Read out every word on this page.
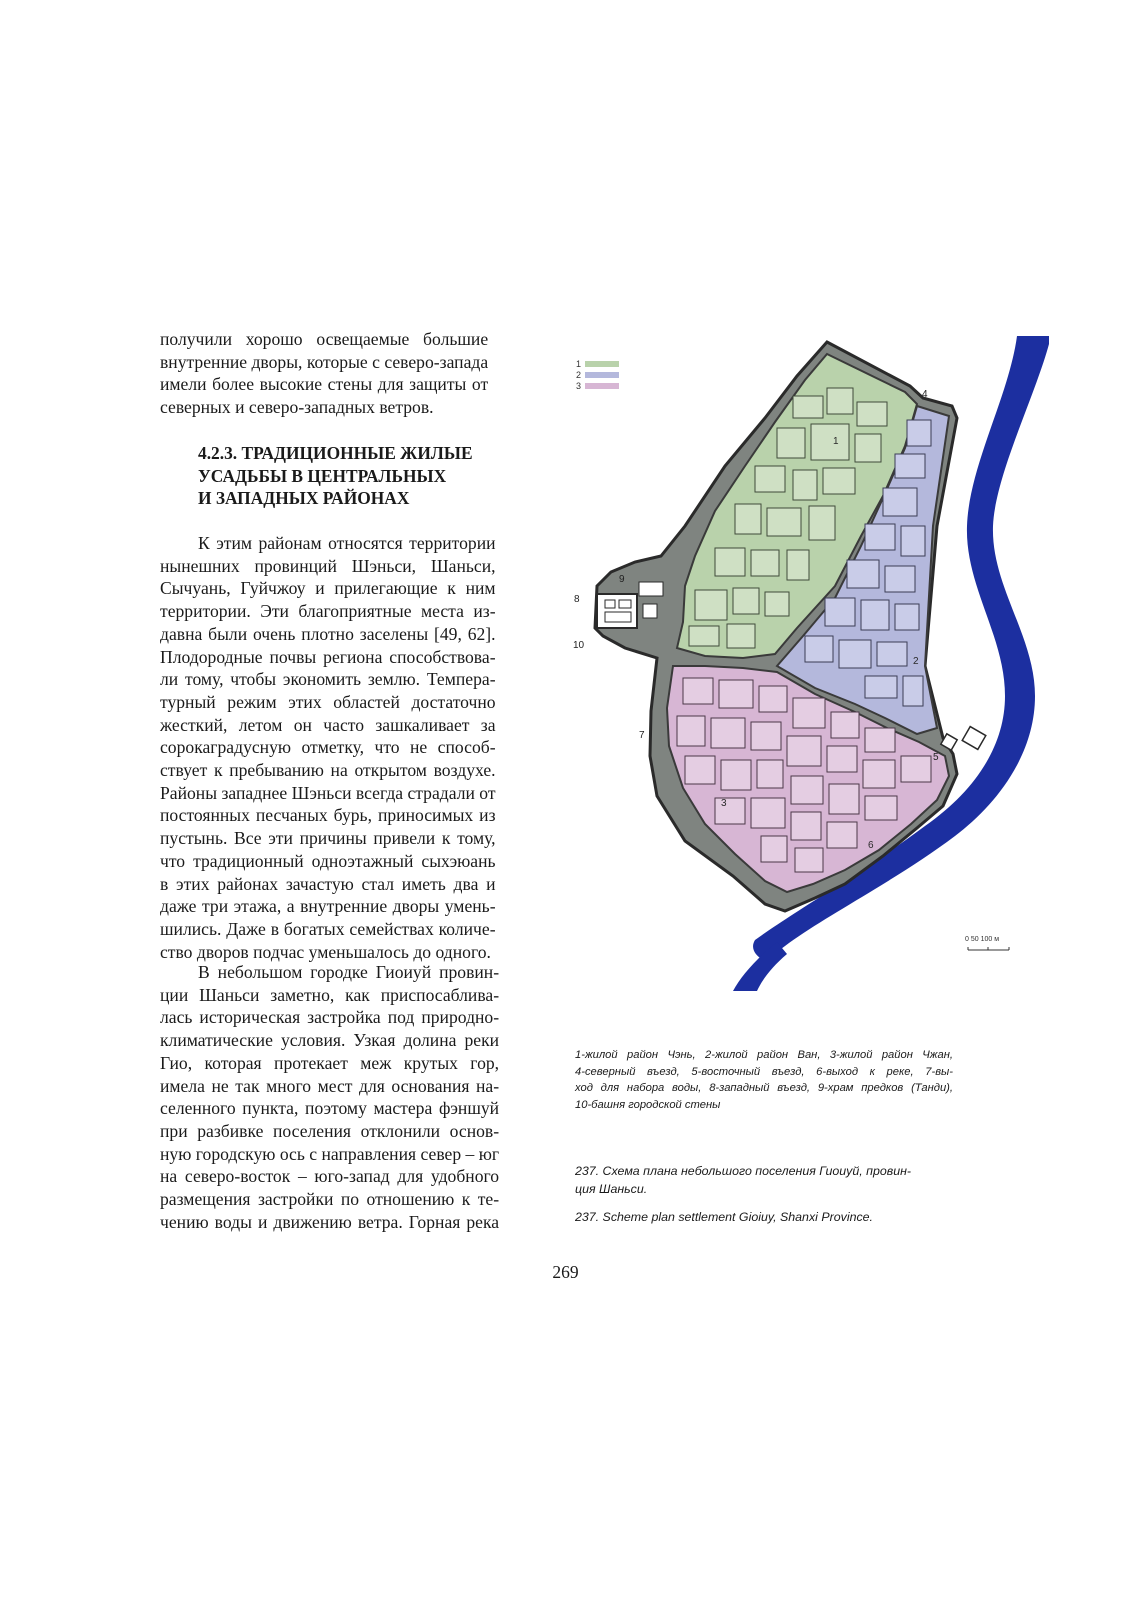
получили хорошо освещаемые большие
внутренние дворы, которые с северо-запада
имели более высокие стены для защиты от
северных и северо-западных ветров.

4.2.3. ТРАДИЦИОННЫЕ ЖИЛЫЕ
УСАДЬБЫ В ЦЕНТРАЛЬНЫХ
И ЗАПАДНЫХ РАЙОНАХ

К этим районам относятся территории
нынешних провинций Шэньси, Шаньси,
Сычуань, Гуйчжоу и прилегающие к ним
территории. Эти благоприятные места из-
давна были очень плотно заселены [49, 62].
Плодородные почвы региона способствова-
ли тому, чтобы экономить землю. Темпера-
турный режим этих областей достаточно
жесткий, летом он часто зашкаливает за
сорокаградусную отметку, что не способ-
ствует к пребыванию на открытом воздухе.
Районы западнее Шэньси всегда страдали от
постоянных песчаных бурь, приносимых из
пустынь. Все эти причины привели к тому,
что традиционный одноэтажный сыхэюань
в этих районах зачастую стал иметь два и
даже три этажа, а внутренние дворы умень-
шились. Даже в богатых семействах количе-
ство дворов подчас уменьшалось до одного.

В небольшом городке Гиоиуй провин-
ции Шаньси заметно, как приспосаблива-
лась историческая застройка под природно-
климатические условия. Узкая долина реки
Гио, которая протекает меж крутых гор,
имела не так много мест для основания на-
селенного пункта, поэтому мастера фэншуй
при разбивке поселения отклонили основ-
ную городскую ось с направления север – юг
на северо-восток – юго-запад для удобного
размещения застройки по отношению к те-
чению воды и движению ветра. Горная река

1
2
3
1
2
3
4
5
6
7
8
9
10
0 50 100 м
1-жилой район Чэнь, 2-жилой район Ван, 3-жилой район Чжан,
4-северный въезд, 5-восточный въезд, 6-выход к реке, 7-вы-
ход для набора воды, 8-западный въезд, 9-храм предков (Танди),
10-башня городской стены
237. Схема плана небольшого поселения Гиоиуй, провин-
ция Шаньси.
237. Scheme plan settlement Gioiuy, Shanxi Province.
269
